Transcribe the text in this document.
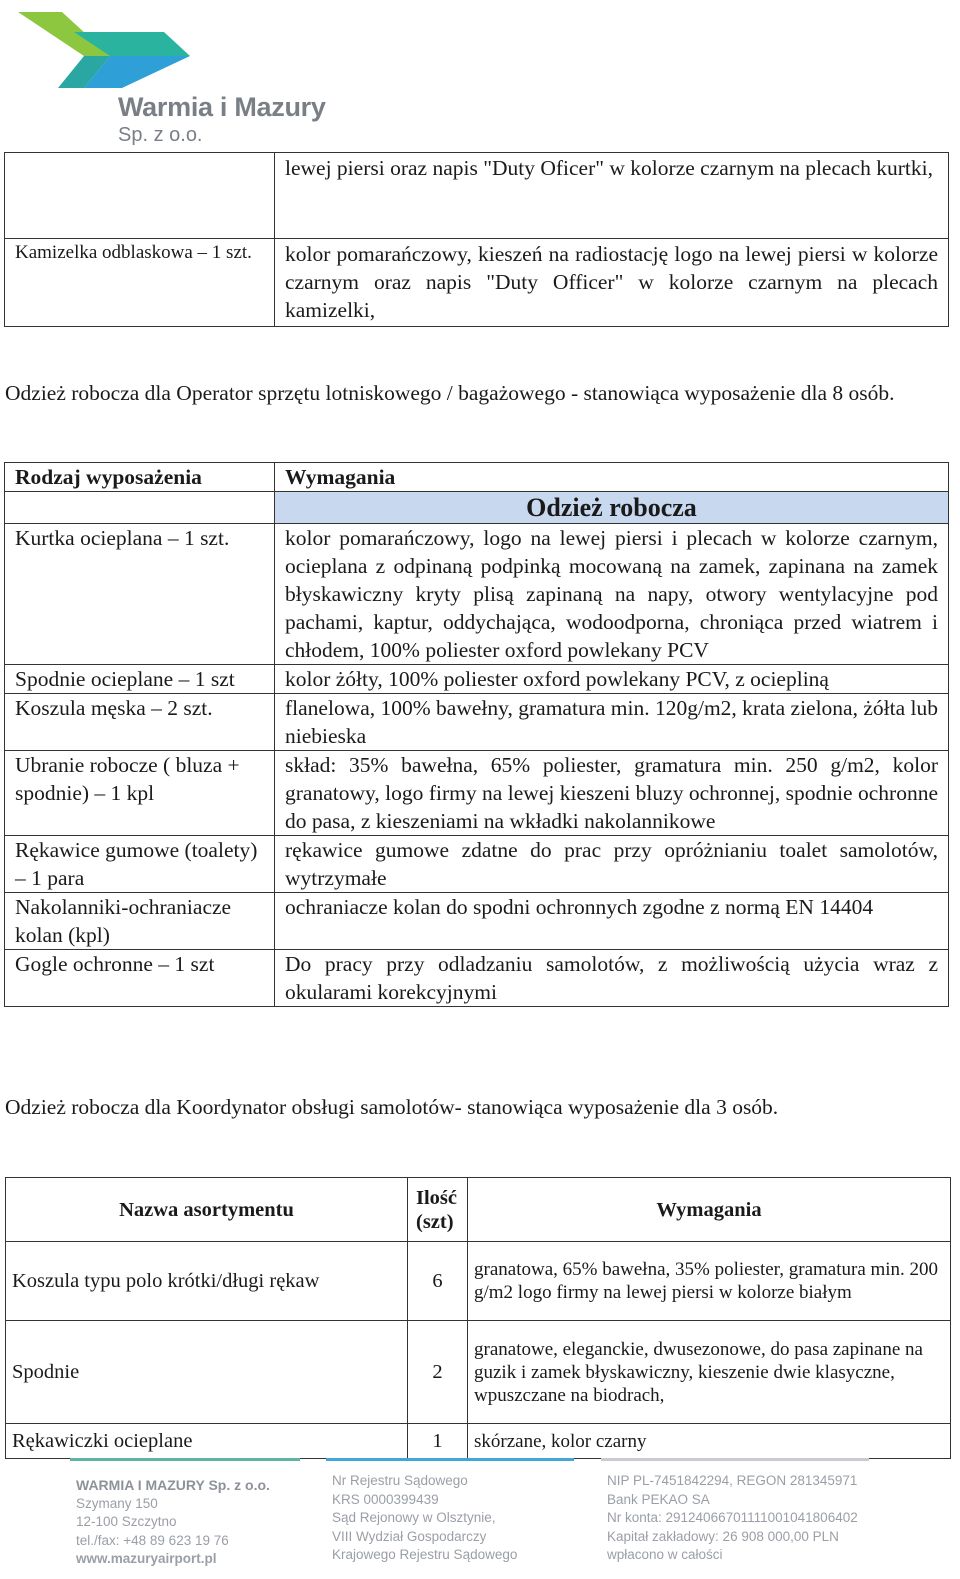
Warmia i Mazury
Sp. z o.o.
	lewej piersi oraz napis "Duty Oficer" w kolorze czarnym na plecach kurtki,
Kamizelka odblaskowa – 1 szt.	kolor pomarańczowy, kieszeń na radiostację logo na lewej piersi w kolorze czarnym oraz napis "Duty Officer" w kolorze czarnym na plecach kamizelki,

Odzież robocza dla Operator sprzętu lotniskowego / bagażowego - stanowiąca wyposażenie dla 8 osób.

Rodzaj wyposażenia	Wymagania
	Odzież robocza
Kurtka ocieplana – 1 szt.	kolor pomarańczowy, logo na lewej piersi i plecach w kolorze czarnym, ocieplana z odpinaną podpinką mocowaną na zamek, zapinana na zamek błyskawiczny kryty plisą zapinaną na napy, otwory wentylacyjne pod pachami, kaptur, oddychająca, wodoodporna, chroniąca przed wiatrem i chłodem, 100% poliester oxford powlekany PCV
Spodnie ocieplane – 1 szt	kolor żółty, 100% poliester oxford powlekany PCV, z ociepliną
Koszula męska – 2 szt.	flanelowa, 100% bawełny, gramatura min. 120g/m2, krata zielona, żółta lub niebieska
Ubranie robocze ( bluza + spodnie) – 1 kpl	skład: 35% bawełna, 65% poliester, gramatura min. 250 g/m2, kolor granatowy, logo firmy na lewej kieszeni bluzy ochronnej, spodnie ochronne do pasa, z kieszeniami na wkładki nakolannikowe
Rękawice gumowe (toalety) – 1 para	rękawice gumowe zdatne do prac przy opróżnianiu toalet samolotów, wytrzymałe
Nakolanniki-ochraniacze kolan (kpl)	ochraniacze kolan do spodni ochronnych zgodne z normą EN 14404
Gogle ochronne – 1 szt	Do pracy przy odladzaniu samolotów, z możliwością użycia wraz z okularami korekcyjnymi

Odzież robocza dla Koordynator obsługi samolotów- stanowiąca wyposażenie dla 3 osób.

Nazwa asortymentu	Ilość (szt)	Wymagania
Koszula typu polo krótki/długi rękaw	6	granatowa, 65% bawełna, 35% poliester, gramatura min. 200 g/m2 logo firmy na lewej piersi w kolorze białym
Spodnie	2	granatowe, eleganckie, dwusezonowe, do pasa zapinane na guzik i zamek błyskawiczny, kieszenie dwie klasyczne, wpuszczane na biodrach,
Rękawiczki ocieplane	1	skórzane, kolor czarny
WARMIA I MAZURY Sp. z o.o.
Szymany 150
12-100 Szczytno
tel./fax: +48 89 623 19 76
www.mazuryairport.pl
Nr Rejestru Sądowego
KRS 0000399439
Sąd Rejonowy w Olsztynie,
VIII Wydział Gospodarczy
Krajowego Rejestru Sądowego
NIP PL-7451842294, REGON 281345971
Bank PEKAO SA
Nr konta: 29124066701111001041806402
Kapitał zakładowy: 26 908 000,00 PLN
wpłacono w całości
